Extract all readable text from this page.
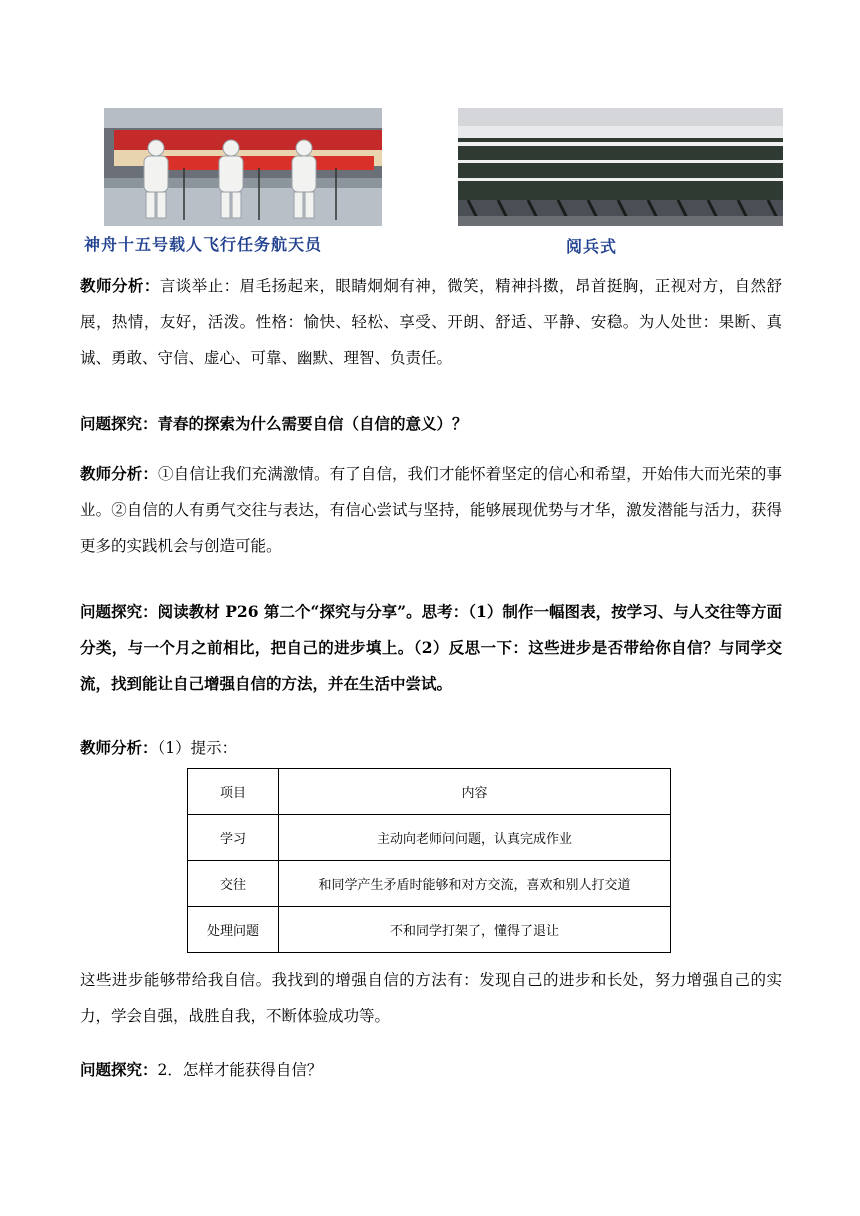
神舟十五号载人飞行任务航天员	阅兵式
教师分析：言谈举止：眉毛扬起来，眼睛炯炯有神，微笑，精神抖擞，昂首挺胸，正视对方，自然舒展，热情，友好，活泼。性格：愉快、轻松、享受、开朗、舒适、平静、安稳。为人处世：果断、真诚、勇敢、守信、虚心、可靠、幽默、理智、负责任。
问题探究：青春的探索为什么需要自信（自信的意义）？
教师分析：①自信让我们充满激情。有了自信，我们才能怀着坚定的信心和希望，开始伟大而光荣的事业。②自信的人有勇气交往与表达，有信心尝试与坚持，能够展现优势与才华，激发潜能与活力，获得更多的实践机会与创造可能。
问题探究：阅读教材 P26 第二个“探究与分享”。思考：（1）制作一幅图表，按学习、与人交往等方面分类，与一个月之前相比，把自己的进步填上。（2）反思一下：这些进步是否带给你自信？与同学交流，找到能让自己增强自信的方法，并在生活中尝试。
教师分析：（1）提示：
项目	内容
学习	主动向老师问问题，认真完成作业
交往	和同学产生矛盾时能够和对方交流，喜欢和别人打交道
处理问题	不和同学打架了，懂得了退让
这些进步能够带给我自信。我找到的增强自信的方法有：发现自己的进步和长处，努力增强自己的实力，学会自强，战胜自我，不断体验成功等。
问题探究：2．怎样才能获得自信？
